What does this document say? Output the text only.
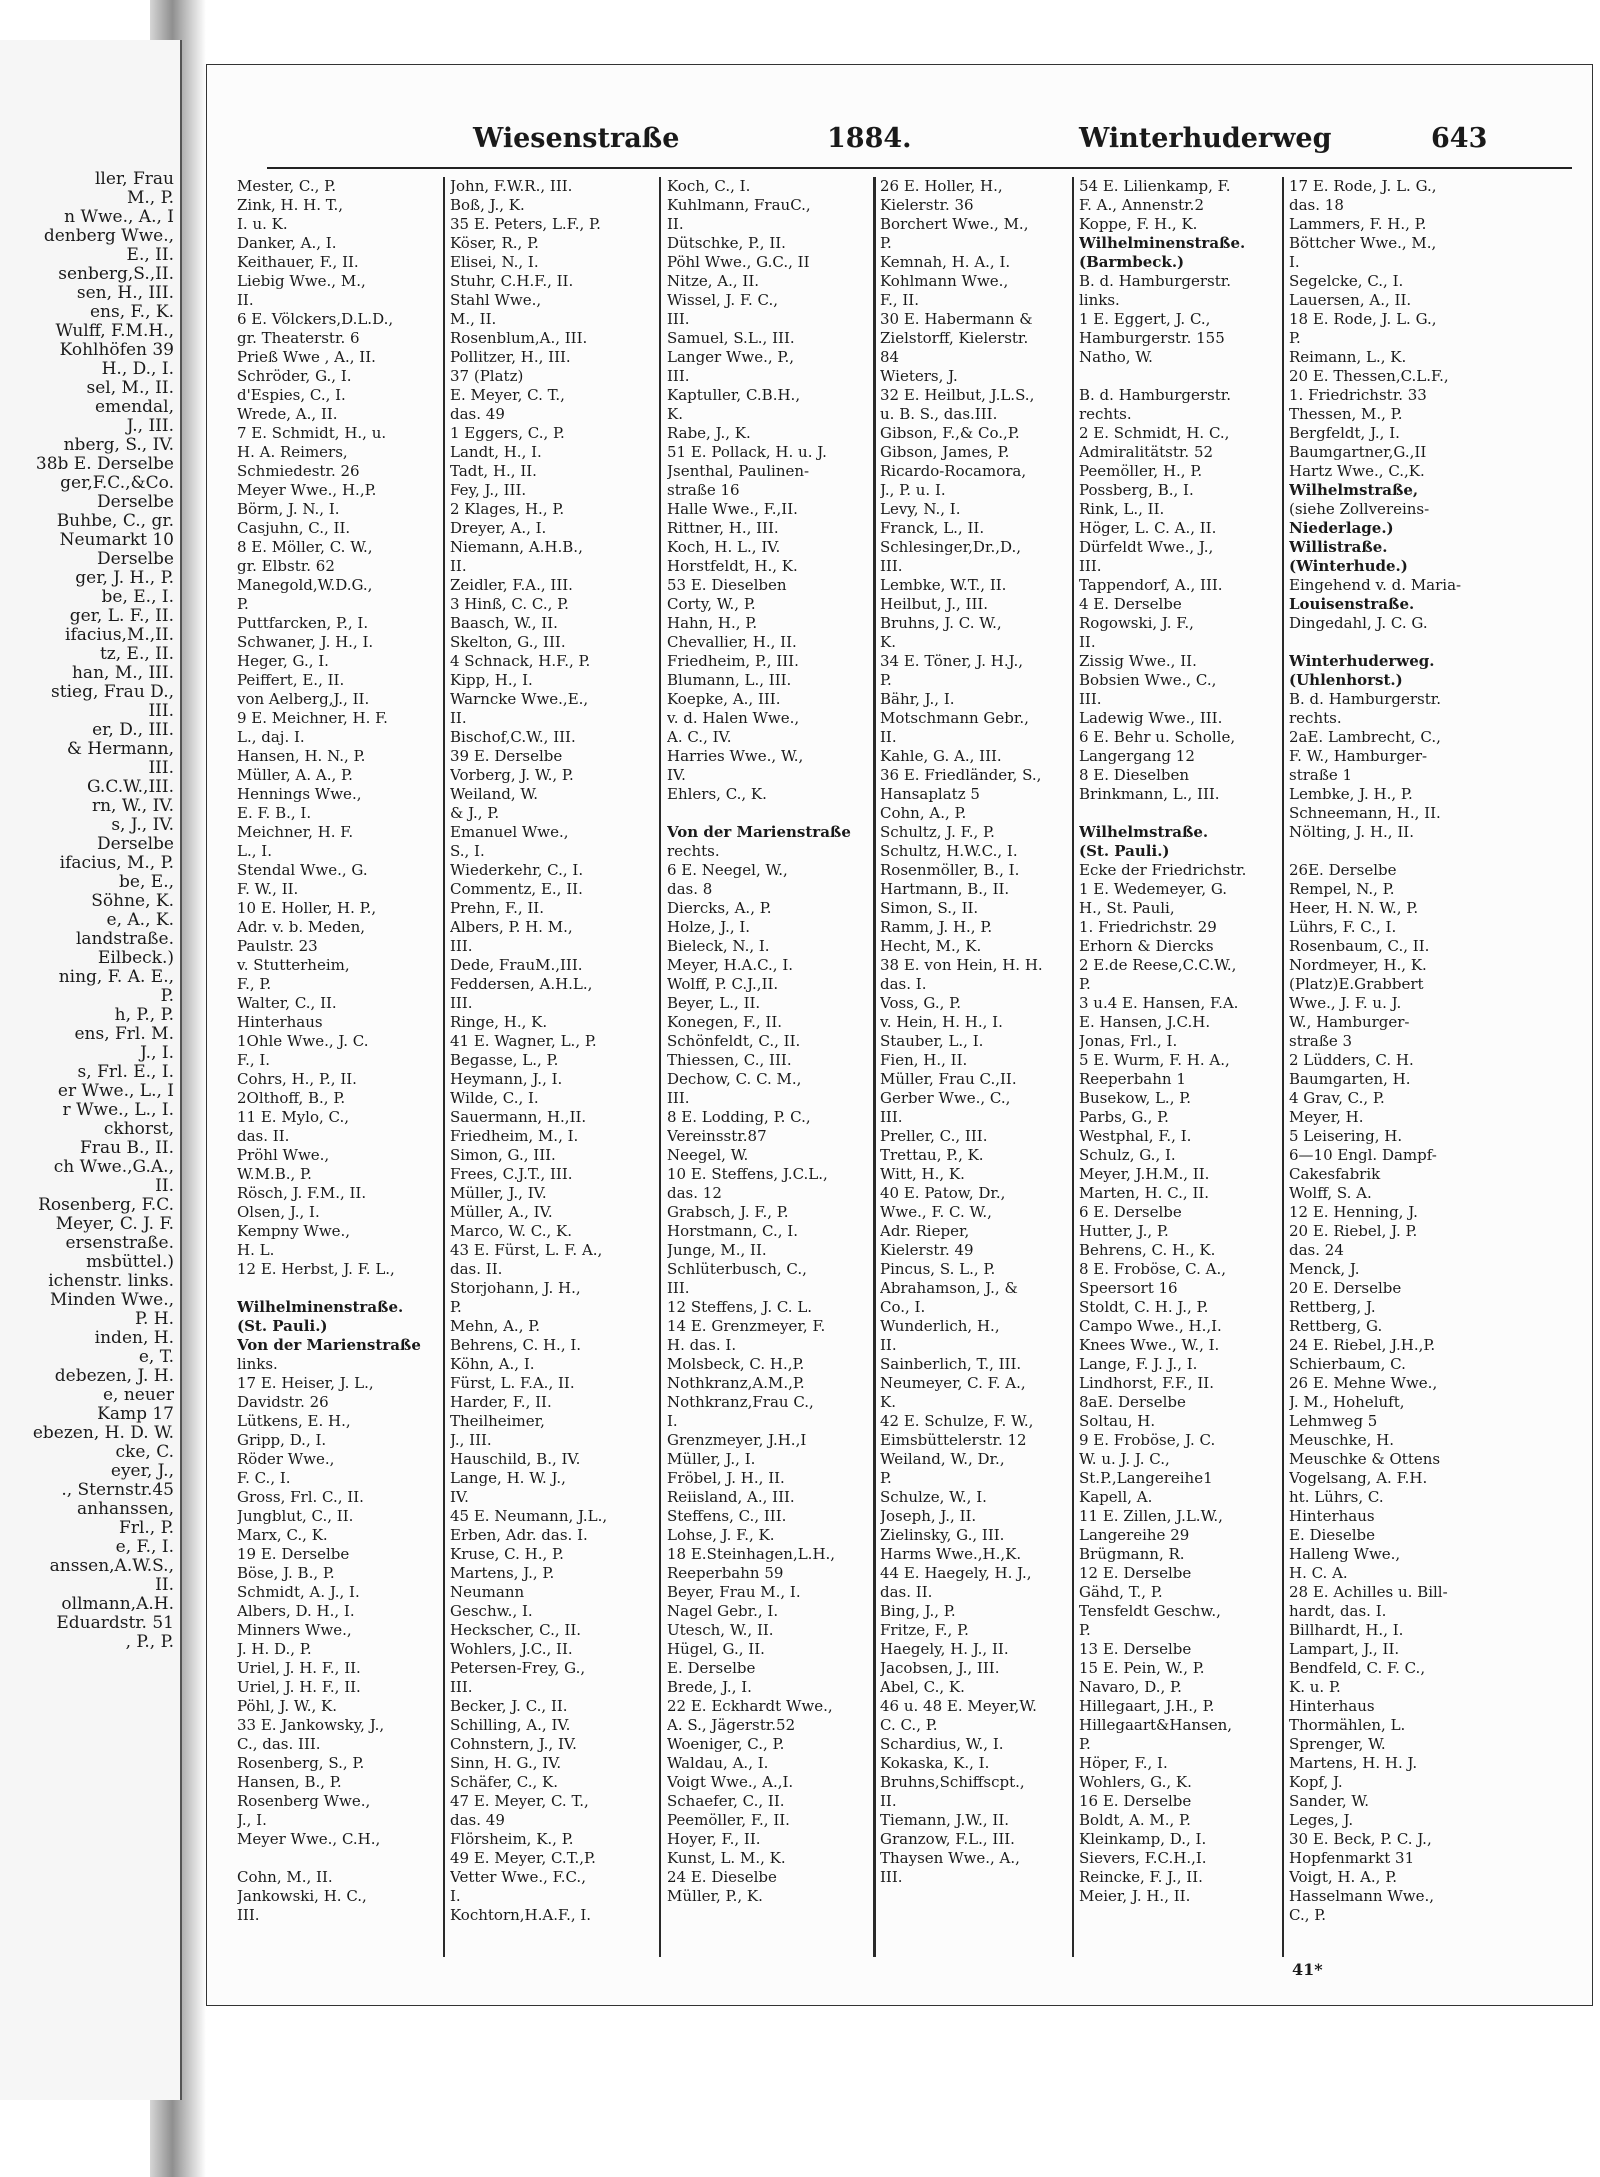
ller, Frau
M., P.
n Wwe., A., I
denberg Wwe.,
E., II.
senberg,S.,II.
sen, H., III.
ens, F., K.
Wulff, F.M.H.,
Kohlhöfen 39
H., D., I.
sel, M., II.
emendal,
J., III.
nberg, S., IV.
38b E. Derselbe
ger,F.C.,&Co.
Derselbe
Buhbe, C., gr.
Neumarkt 10
Derselbe
ger, J. H., P.
be, E., I.
ger, L. F., II.
ifacius,M.,II.
tz, E., II.
han, M., III.
stieg, Frau D.,
III.
er, D., III.
& Hermann,
III.
G.C.W.,III.
rn, W., IV.
s, J., IV.
Derselbe
ifacius, M., P.
be, E.,
Söhne, K.
e, A., K.
landstraße.
Eilbeck.)
ning, F. A. E.,
P.
h, P., P.
ens, Frl. M.
J., I.
s, Frl. E., I.
er Wwe., L., I
r Wwe., L., I.
ckhorst,
Frau B., II.
ch Wwe.,G.A.,
II.
Rosenberg, F.C.
Meyer, C. J. F.
ersenstraße.
msbüttel.)
ichenstr. links.
Minden Wwe.,
P. H.
inden, H.
e, T.
debezen, J. H.
e, neuer
Kamp 17
ebezen, H. D. W.
cke, C.
eyer, J.,
., Sternstr.45
anhanssen,
Frl., P.
e, F., I.
anssen,A.W.S.,
II.
ollmann,A.H.
Eduardstr. 51
, P., P.
Wiesenstraße	1884.	Winterhuderweg	643
Mester, C., P.
Zink, H. H. T.,
I. u. K.
Danker, A., I.
Keithauer, F., II.
Liebig Wwe., M.,
II.
6 E. Völckers,D.L.D.,
gr. Theaterstr. 6
Prieß Wwe , A., II.
Schröder, G., I.
d'Espies, C., I.
Wrede, A., II.
7 E. Schmidt, H., u.
H. A. Reimers,
Schmiedestr. 26
Meyer Wwe., H.,P.
Börm, J. N., I.
Casjuhn, C., II.
8 E. Möller, C. W.,
gr. Elbstr. 62
Manegold,W.D.G.,
P.
Puttfarcken, P., I.
Schwaner, J. H., I.
Heger, G., I.
Peiffert, E., II.
von Aelberg,J., II.
9 E. Meichner, H. F.
L., daj. I.
Hansen, H. N., P.
Müller, A. A., P.
Hennings Wwe.,
E. F. B., I.
Meichner, H. F.
L., I.
Stendal Wwe., G.
F. W., II.
10 E. Holler, H. P.,
Adr. v. b. Meden,
Paulstr. 23
v. Stutterheim,
F., P.
Walter, C., II.
Hinterhaus
1Ohle Wwe., J. C.
F., I.
Cohrs, H., P., II.
2Olthoff, B., P.
11 E. Mylo, C.,
das. II.
Pröhl Wwe.,
W.M.B., P.
Rösch, J. F.M., II.
Olsen, J., I.
Kempny Wwe.,
H. L.
12 E. Herbst, J. F. L.,
Wilhelminenstraße.
(St. Pauli.)
Von der Marienstraße
links.
17 E. Heiser, J. L.,
Davidstr. 26
Lütkens, E. H.,
Gripp, D., I.
Röder Wwe.,
F. C., I.
Gross, Frl. C., II.
Jungblut, C., II.
Marx, C., K.
19 E. Derselbe
Böse, J. B., P.
Schmidt, A. J., I.
Albers, D. H., I.
Minners Wwe.,
J. H. D., P.
Uriel, J. H. F., II.
Uriel, J. H. F., II.
Pöhl, J. W., K.
33 E. Jankowsky, J.,
C., das. III.
Rosenberg, S., P.
Hansen, B., P.
Rosenberg Wwe.,
J., I.
Meyer Wwe., C.H.,
Cohn, M., II.
Jankowski, H. C.,
III.
John, F.W.R., III.
Boß, J., K.
35 E. Peters, L.F., P.
Köser, R., P.
Elisei, N., I.
Stuhr, C.H.F., II.
Stahl Wwe.,
M., II.
Rosenblum,A., III.
Pollitzer, H., III.
37 (Platz)
E. Meyer, C. T.,
das. 49
1 Eggers, C., P.
Landt, H., I.
Tadt, H., II.
Fey, J., III.
2 Klages, H., P.
Dreyer, A., I.
Niemann, A.H.B.,
II.
Zeidler, F.A., III.
3 Hinß, C. C., P.
Baasch, W., II.
Skelton, G., III.
4 Schnack, H.F., P.
Kipp, H., I.
Warncke Wwe.,E.,
II.
Bischof,C.W., III.
39 E. Derselbe
Vorberg, J. W., P.
Weiland, W.
& J., P.
Emanuel Wwe.,
S., I.
Wiederkehr, C., I.
Commentz, E., II.
Prehn, F., II.
Albers, P. H. M.,
III.
Dede, FrauM.,III.
Feddersen, A.H.L.,
III.
Ringe, H., K.
41 E. Wagner, L., P.
Begasse, L., P.
Heymann, J., I.
Wilde, C., I.
Sauermann, H.,II.
Friedheim, M., I.
Simon, G., III.
Frees, C.J.T., III.
Müller, J., IV.
Müller, A., IV.
Marco, W. C., K.
43 E. Fürst, L. F. A.,
das. II.
Storjohann, J. H.,
P.
Mehn, A., P.
Behrens, C. H., I.
Köhn, A., I.
Fürst, L. F.A., II.
Harder, F., II.
Theilheimer,
J., III.
Hauschild, B., IV.
Lange, H. W. J.,
IV.
45 E. Neumann, J.L.,
Erben, Adr. das. I.
Kruse, C. H., P.
Martens, J., P.
Neumann
Geschw., I.
Heckscher, C., II.
Wohlers, J.C., II.
Petersen-Frey, G.,
III.
Becker, J. C., II.
Schilling, A., IV.
Cohnstern, J., IV.
Sinn, H. G., IV.
Schäfer, C., K.
47 E. Meyer, C. T.,
das. 49
Flörsheim, K., P.
49 E. Meyer, C.T.,P.
Vetter Wwe., F.C.,
I.
Kochtorn,H.A.F., I.
Koch, C., I.
Kuhlmann, FrauC.,
II.
Dütschke, P., II.
Pöhl Wwe., G.C., II
Nitze, A., II.
Wissel, J. F. C.,
III.
Samuel, S.L., III.
Langer Wwe., P.,
III.
Kaptuller, C.B.H.,
K.
Rabe, J., K.
51 E. Pollack, H. u. J.
Jsenthal, Paulinen-
straße 16
Halle Wwe., F.,II.
Rittner, H., III.
Koch, H. L., IV.
Horstfeldt, H., K.
53 E. Dieselben
Corty, W., P.
Hahn, H., P.
Chevallier, H., II.
Friedheim, P., III.
Blumann, L., III.
Koepke, A., III.
v. d. Halen Wwe.,
A. C., IV.
Harries Wwe., W.,
IV.
Ehlers, C., K.
Von der Marienstraße
rechts.
6 E. Neegel, W.,
das. 8
Diercks, A., P.
Holze, J., I.
Bieleck, N., I.
Meyer, H.A.C., I.
Wolff, P. C.J.,II.
Beyer, L., II.
Konegen, F., II.
Schönfeldt, C., II.
Thiessen, C., III.
Dechow, C. C. M.,
III.
8 E. Lodding, P. C.,
Vereinsstr.87
Neegel, W.
10 E. Steffens, J.C.L.,
das. 12
Grabsch, J. F., P.
Horstmann, C., I.
Junge, M., II.
Schlüterbusch, C.,
III.
12 Steffens, J. C. L.
14 E. Grenzmeyer, F.
H. das. I.
Molsbeck, C. H.,P.
Nothkranz,A.M.,P.
Nothkranz,Frau C.,
I.
Grenzmeyer, J.H.,I
Müller, J., I.
Fröbel, J. H., II.
Reiisland, A., III.
Steffens, C., III.
Lohse, J. F., K.
18 E.Steinhagen,L.H.,
Reeperbahn 59
Beyer, Frau M., I.
Nagel Gebr., I.
Utesch, W., II.
Hügel, G., II.
E. Derselbe
Brede, J., I.
22 E. Eckhardt Wwe.,
A. S., Jägerstr.52
Woeniger, C., P.
Waldau, A., I.
Voigt Wwe., A.,I.
Schaefer, C., II.
Peemöller, F., II.
Hoyer, F., II.
Kunst, L. M., K.
24 E. Dieselbe
Müller, P., K.
26 E. Holler, H.,
Kielerstr. 36
Borchert Wwe., M.,
P.
Kemnah, H. A., I.
Kohlmann Wwe.,
F., II.
30 E. Habermann &
Zielstorff, Kielerstr.
84
Wieters, J.
32 E. Heilbut, J.L.S.,
u. B. S., das.III.
Gibson, F.,& Co.,P.
Gibson, James, P.
Ricardo-Rocamora,
J., P. u. I.
Levy, N., I.
Franck, L., II.
Schlesinger,Dr.,D.,
III.
Lembke, W.T., II.
Heilbut, J., III.
Bruhns, J. C. W.,
K.
34 E. Töner, J. H.J.,
P.
Bähr, J., I.
Motschmann Gebr.,
II.
Kahle, G. A., III.
36 E. Friedländer, S.,
Hansaplatz 5
Cohn, A., P.
Schultz, J. F., P.
Schultz, H.W.C., I.
Rosenmöller, B., I.
Hartmann, B., II.
Simon, S., II.
Ramm, J. H., P.
Hecht, M., K.
38 E. von Hein, H. H.
das. I.
Voss, G., P.
v. Hein, H. H., I.
Stauber, L., I.
Fien, H., II.
Müller, Frau C.,II.
Gerber Wwe., C.,
III.
Preller, C., III.
Trettau, P., K.
Witt, H., K.
40 E. Patow, Dr.,
Wwe., F. C. W.,
Adr. Rieper,
Kielerstr. 49
Pincus, S. L., P.
Abrahamson, J., &
Co., I.
Wunderlich, H.,
II.
Sainberlich, T., III.
Neumeyer, C. F. A.,
K.
42 E. Schulze, F. W.,
Eimsbüttelerstr. 12
Weiland, W., Dr.,
P.
Schulze, W., I.
Joseph, J., II.
Zielinsky, G., III.
Harms Wwe.,H.,K.
44 E. Haegely, H. J.,
das. II.
Bing, J., P.
Fritze, F., P.
Haegely, H. J., II.
Jacobsen, J., III.
Abel, C., K.
46 u. 48 E. Meyer,W.
C. C., P.
Schardius, W., I.
Kokaska, K., I.
Bruhns,Schiffscpt.,
II.
Tiemann, J.W., II.
Granzow, F.L., III.
Thaysen Wwe., A.,
III.
54 E. Lilienkamp, F.
F. A., Annenstr.2
Koppe, F. H., K.
Wilhelminenstraße.
(Barmbeck.)
B. d. Hamburgerstr.
links.
1 E. Eggert, J. C.,
Hamburgerstr. 155
Natho, W.
B. d. Hamburgerstr.
rechts.
2 E. Schmidt, H. C.,
Admiralitätstr. 52
Peemöller, H., P.
Possberg, B., I.
Rink, L., II.
Höger, L. C. A., II.
Dürfeldt Wwe., J.,
III.
Tappendorf, A., III.
4 E. Derselbe
Rogowski, J. F.,
II.
Zissig Wwe., II.
Bobsien Wwe., C.,
III.
Ladewig Wwe., III.
6 E. Behr u. Scholle,
Langergang 12
8 E. Dieselben
Brinkmann, L., III.
Wilhelmstraße.
(St. Pauli.)
Ecke der Friedrichstr.
1 E. Wedemeyer, G.
H., St. Pauli,
1. Friedrichstr. 29
Erhorn & Diercks
2 E.de Reese,C.C.W.,
P.
3 u.4 E. Hansen, F.A.
E. Hansen, J.C.H.
Jonas, Frl., I.
5 E. Wurm, F. H. A.,
Reeperbahn 1
Busekow, L., P.
Parbs, G., P.
Westphal, F., I.
Schulz, G., I.
Meyer, J.H.M., II.
Marten, H. C., II.
6 E. Derselbe
Hutter, J., P.
Behrens, C. H., K.
8 E. Froböse, C. A.,
Speersort 16
Stoldt, C. H. J., P.
Campo Wwe., H.,I.
Knees Wwe., W., I.
Lange, F. J. J., I.
Lindhorst, F.F., II.
8aE. Derselbe
Soltau, H.
9 E. Froböse, J. C.
W. u. J. J. C.,
St.P.,Langereihe1
Kapell, A.
11 E. Zillen, J.L.W.,
Langereihe 29
Brügmann, R.
12 E. Derselbe
Gähd, T., P.
Tensfeldt Geschw.,
P.
13 E. Derselbe
15 E. Pein, W., P.
Navaro, D., P.
Hillegaart, J.H., P.
Hillegaart&Hansen,
P.
Höper, F., I.
Wohlers, G., K.
16 E. Derselbe
Boldt, A. M., P.
Kleinkamp, D., I.
Sievers, F.C.H.,I.
Reincke, F. J., II.
Meier, J. H., II.
17 E. Rode, J. L. G.,
das. 18
Lammers, F. H., P.
Böttcher Wwe., M.,
I.
Segelcke, C., I.
Lauersen, A., II.
18 E. Rode, J. L. G.,
P.
Reimann, L., K.
20 E. Thessen,C.L.F.,
1. Friedrichstr. 33
Thessen, M., P.
Bergfeldt, J., I.
Baumgartner,G.,II
Hartz Wwe., C.,K.
Wilhelmstraße,
(siehe Zollvereins-
Niederlage.)
Willistraße.
(Winterhude.)
Eingehend v. d. Maria-
Louisenstraße.
Dingedahl, J. C. G.
Winterhuderweg.
(Uhlenhorst.)
B. d. Hamburgerstr.
rechts.
2aE. Lambrecht, C.,
F. W., Hamburger-
straße 1
Lembke, J. H., P.
Schneemann, H., II.
Nölting, J. H., II.
26E. Derselbe
Rempel, N., P.
Heer, H. N. W., P.
Lührs, F. C., I.
Rosenbaum, C., II.
Nordmeyer, H., K.
(Platz)E.Grabbert
Wwe., J. F. u. J.
W., Hamburger-
straße 3
2 Lüdders, C. H.
Baumgarten, H.
4 Grav, C., P.
Meyer, H.
5 Leisering, H.
6—10 Engl. Dampf-
Cakesfabrik
Wolff, S. A.
12 E. Henning, J.
20 E. Riebel, J. P.
das. 24
Menck, J.
20 E. Derselbe
Rettberg, J.
Rettberg, G.
24 E. Riebel, J.H.,P.
Schierbaum, C.
26 E. Mehne Wwe.,
J. M., Hoheluft,
Lehmweg 5
Meuschke, H.
Meuschke & Ottens
Vogelsang, A. F.H.
ht. Lührs, C.
Hinterhaus
E. Dieselbe
Halleng Wwe.,
H. C. A.
28 E. Achilles u. Bill-
hardt, das. I.
Billhardt, H., I.
Lampart, J., II.
Bendfeld, C. F. C.,
K. u. P.
Hinterhaus
Thormählen, L.
Sprenger, W.
Martens, H. H. J.
Kopf, J.
Sander, W.
Leges, J.
30 E. Beck, P. C. J.,
Hopfenmarkt 31
Voigt, H. A., P.
Hasselmann Wwe.,
C., P.
41*
